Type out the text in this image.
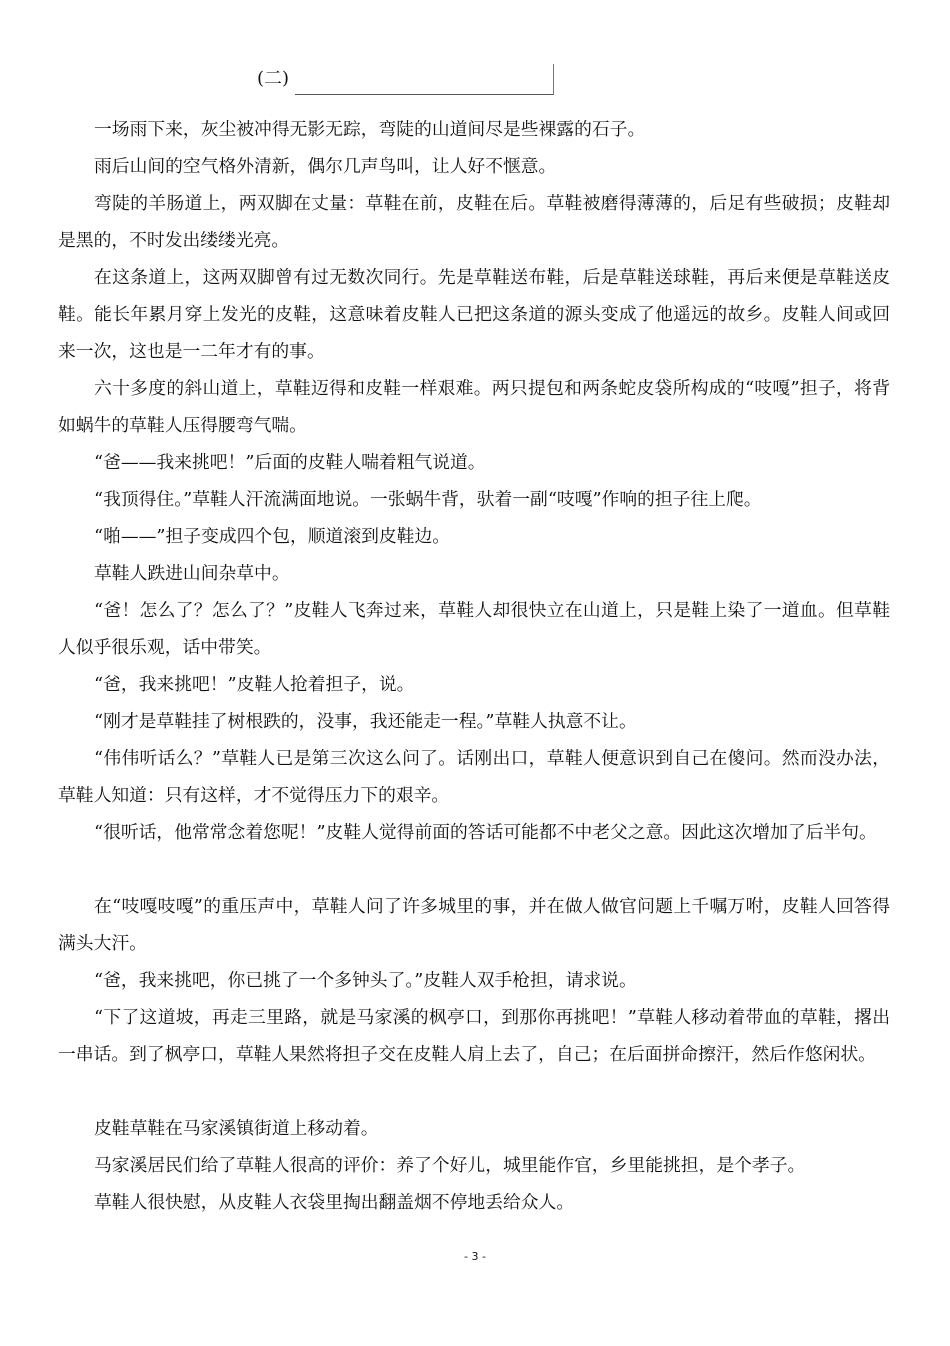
(二)

一场雨下来，灰尘被冲得无影无踪，弯陡的山道间尽是些裸露的石子。

雨后山间的空气格外清新，偶尔几声鸟叫，让人好不惬意。

弯陡的羊肠道上，两双脚在丈量：草鞋在前，皮鞋在后。草鞋被磨得薄薄的，后足有些破损；皮鞋却是黑的，不时发出缕缕光亮。

在这条道上，这两双脚曾有过无数次同行。先是草鞋送布鞋，后是草鞋送球鞋，再后来便是草鞋送皮鞋。能长年累月穿上发光的皮鞋，这意味着皮鞋人已把这条道的源头变成了他遥远的故乡。皮鞋人间或回来一次，这也是一二年才有的事。

六十多度的斜山道上，草鞋迈得和皮鞋一样艰难。两只提包和两条蛇皮袋所构成的“吱嘎”担子，将背如蜗牛的草鞋人压得腰弯气喘。

“爸——我来挑吧！”后面的皮鞋人喘着粗气说道。

“我顶得住。”草鞋人汗流满面地说。一张蜗牛背，驮着一副“吱嘎”作响的担子往上爬。

“啪——”担子变成四个包，顺道滚到皮鞋边。

草鞋人跌进山间杂草中。

“爸！怎么了？怎么了？”皮鞋人飞奔过来，草鞋人却很快立在山道上，只是鞋上染了一道血。但草鞋人似乎很乐观，话中带笑。

“爸，我来挑吧！”皮鞋人抢着担子，说。

“刚才是草鞋挂了树根跌的，没事，我还能走一程。”草鞋人执意不让。

“伟伟听话么？”草鞋人已是第三次这么问了。话刚出口，草鞋人便意识到自己在傻问。然而没办法，草鞋人知道：只有这样，才不觉得压力下的艰辛。

“很听话，他常常念着您呢！”皮鞋人觉得前面的答话可能都不中老父之意。因此这次增加了后半句。

在“吱嘎吱嘎”的重压声中，草鞋人问了许多城里的事，并在做人做官问题上千嘱万咐，皮鞋人回答得满头大汗。

“爸，我来挑吧，你已挑了一个多钟头了。”皮鞋人双手枪担，请求说。

“下了这道坡，再走三里路，就是马家溪的枫亭口，到那你再挑吧！”草鞋人移动着带血的草鞋，撂出一串话。到了枫亭口，草鞋人果然将担子交在皮鞋人肩上去了，自己；在后面拼命擦汗，然后作悠闲状。

皮鞋草鞋在马家溪镇街道上移动着。

马家溪居民们给了草鞋人很高的评价：养了个好儿，城里能作官，乡里能挑担，是个孝子。

草鞋人很快慰，从皮鞋人衣袋里掏出翻盖烟不停地丢给众人。

- 3 -
